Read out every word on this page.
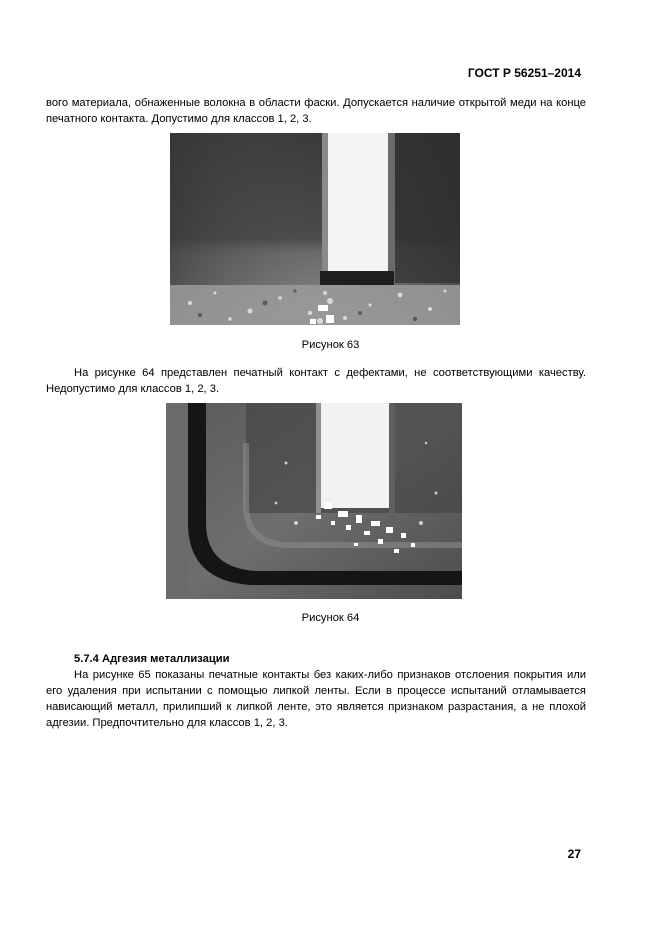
ГОСТ Р 56251–2014
вого материала, обнаженные волокна в области фаски. Допускается наличие открытой меди на конце печатного контакта. Допустимо для классов 1, 2, 3.
Рисунок 63
На рисунке 64 представлен печатный контакт с дефектами, не соответствующими качеству. Недопустимо для классов 1, 2, 3.
Рисунок 64
5.7.4 Адгезия металлизации
На рисунке 65 показаны печатные контакты без каких-либо признаков отслоения покрытия или его удаления при испытании с помощью липкой ленты. Если в процессе испытаний отламывается нависающий металл, прилипший к липкой ленте, это является признаком разрастания, а не плохой адгезии. Предпочтительно для классов 1, 2, 3.
27
